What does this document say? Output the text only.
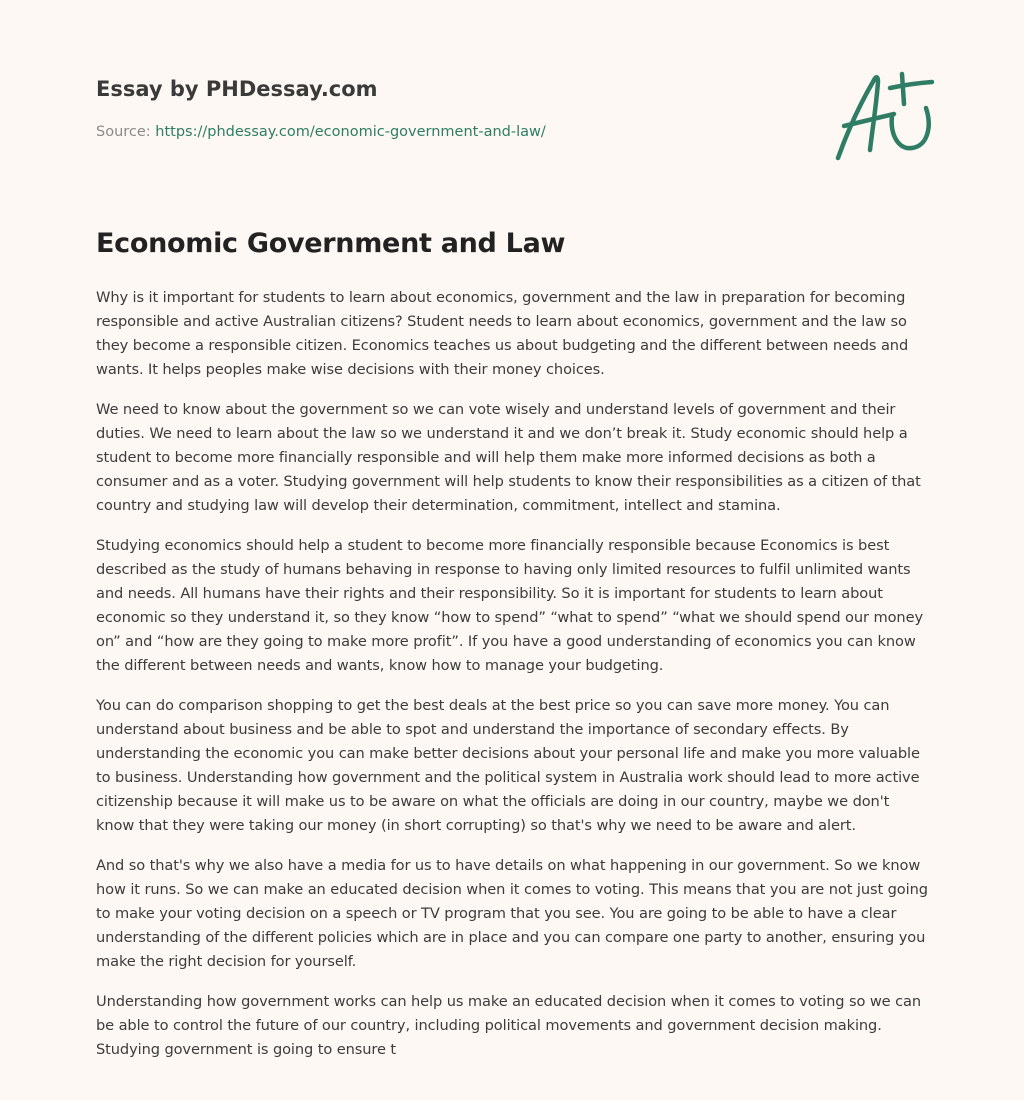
Essay by PHDessay.com
Source: https://phdessay.com/economic-government-and-law/
Economic Government and Law

Why is it important for students to learn about economics, government and the law in preparation for becoming responsible and active Australian citizens? Student needs to learn about economics, government and the law so they become a responsible citizen. Economics teaches us about budgeting and the different between needs and wants. It helps peoples make wise decisions with their money choices.

We need to know about the government so we can vote wisely and understand levels of government and their duties. We need to learn about the law so we understand it and we don’t break it. Study economic should help a student to become more financially responsible and will help them make more informed decisions as both a consumer and as a voter. Studying government will help students to know their responsibilities as a citizen of that country and studying law will develop their determination, commitment, intellect and stamina.

Studying economics should help a student to become more financially responsible because Economics is best described as the study of humans behaving in response to having only limited resources to fulfil unlimited wants and needs. All humans have their rights and their responsibility. So it is important for students to learn about economic so they understand it, so they know “how to spend” “what to spend” “what we should spend our money on” and “how are they going to make more profit”. If you have a good understanding of economics you can know the different between needs and wants, know how to manage your budgeting.

You can do comparison shopping to get the best deals at the best price so you can save more money. You can understand about business and be able to spot and understand the importance of secondary effects. By understanding the economic you can make better decisions about your personal life and make you more valuable to business. Understanding how government and the political system in Australia work should lead to more active citizenship because it will make us to be aware on what the officials are doing in our country, maybe we don't know that they were taking our money (in short corrupting) so that's why we need to be aware and alert.

And so that's why we also have a media for us to have details on what happening in our government. So we know how it runs. So we can make an educated decision when it comes to voting. This means that you are not just going to make your voting decision on a speech or TV program that you see. You are going to be able to have a clear understanding of the different policies which are in place and you can compare one party to another, ensuring you make the right decision for yourself.

Understanding how government works can help us make an educated decision when it comes to voting so we can be able to control the future of our country, including political movements and government decision making. Studying government is going to ensure t
